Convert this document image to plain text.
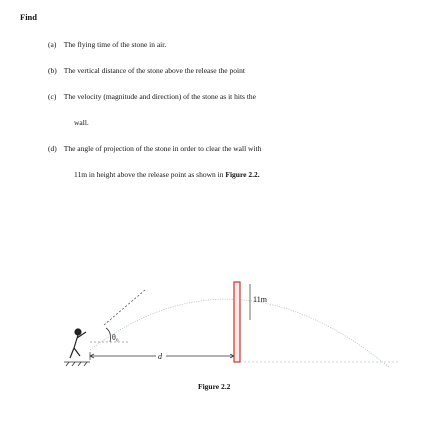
Find
(a) The flying time of the stone in air.
(b) The vertical distance of the stone above the release the point
(c) The velocity (magnitude and direction) of the stone as it hits the
wall.
(d) The angle of projection of the stone in order to clear the wall with
11m in height above the release point as shown in Figure 2.2.
θ₀
d
11m
Figure 2.2
